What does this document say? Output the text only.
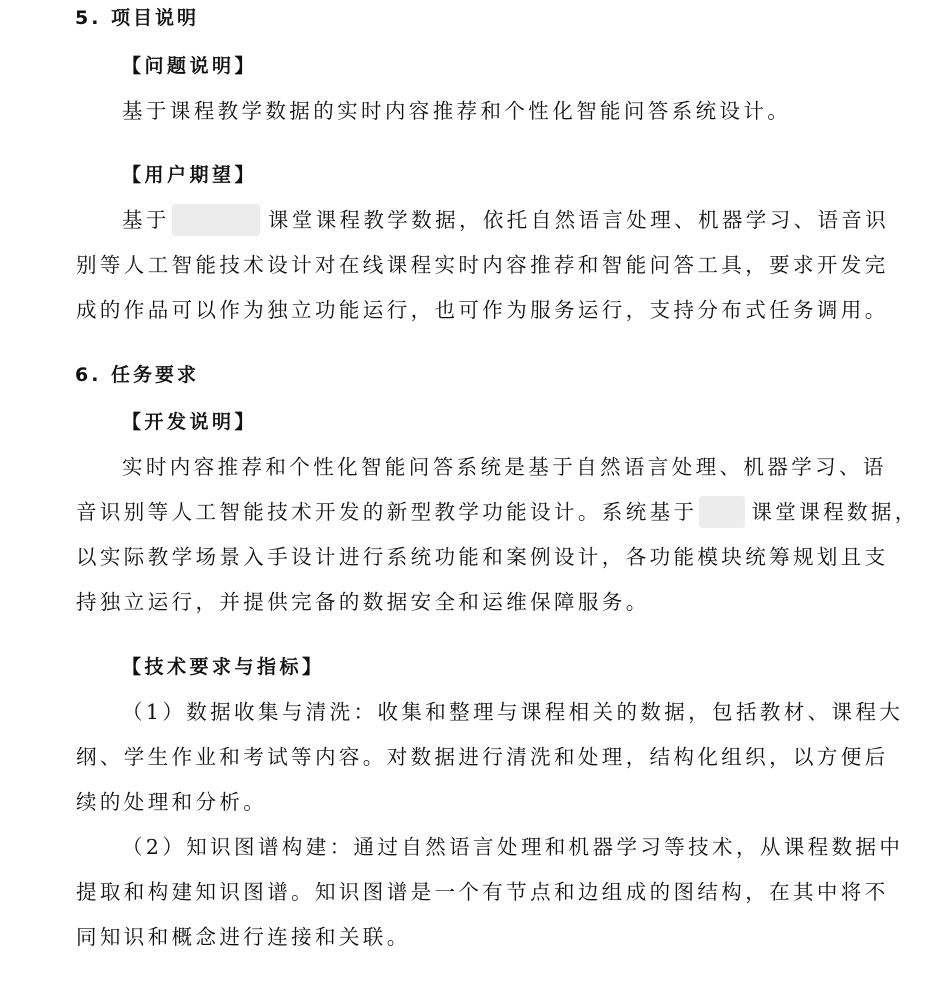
5. 项目说明
【问题说明】
基于课程教学数据的实时内容推荐和个性化智能问答系统设计。
【用户期望】
基于	课堂课程教学数据，依托自然语言处理、机器学习、语音识
别等人工智能技术设计对在线课程实时内容推荐和智能问答工具，要求开发完
成的作品可以作为独立功能运行，也可作为服务运行，支持分布式任务调用。
6. 任务要求
【开发说明】
实时内容推荐和个性化智能问答系统是基于自然语言处理、机器学习、语
音识别等人工智能技术开发的新型教学功能设计。系统基于	课堂课程数据，
以实际教学场景入手设计进行系统功能和案例设计，各功能模块统筹规划且支
持独立运行，并提供完备的数据安全和运维保障服务。
【技术要求与指标】
（1）数据收集与清洗：收集和整理与课程相关的数据，包括教材、课程大
纲、学生作业和考试等内容。对数据进行清洗和处理，结构化组织，以方便后
续的处理和分析。
（2）知识图谱构建：通过自然语言处理和机器学习等技术，从课程数据中
提取和构建知识图谱。知识图谱是一个有节点和边组成的图结构，在其中将不
同知识和概念进行连接和关联。
